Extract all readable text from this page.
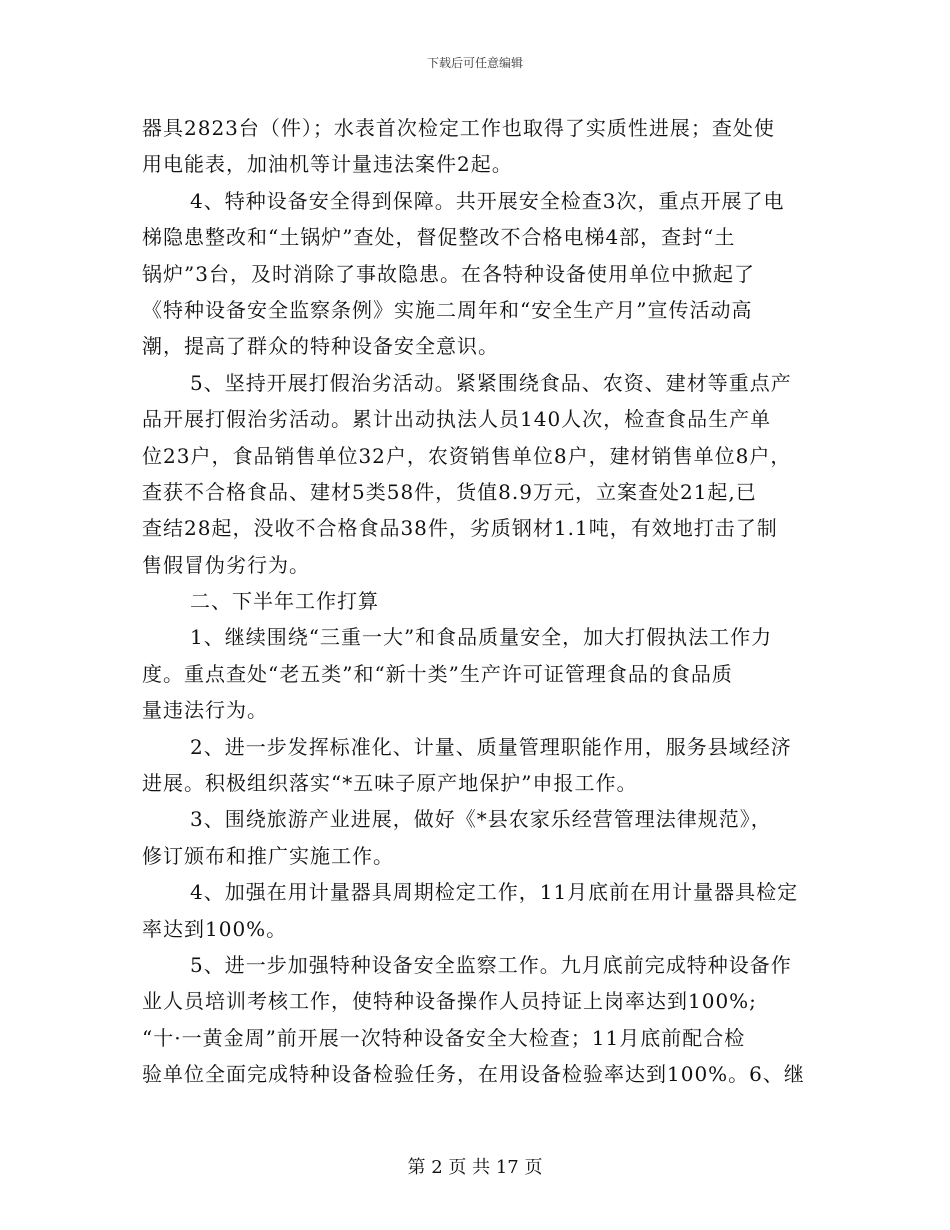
下载后可任意编辑
器具2823台（件）；水表首次检定工作也取得了实质性进展；查处使
用电能表，加油机等计量违法案件2起。
4、特种设备安全得到保障。共开展安全检查3次，重点开展了电
梯隐患整改和“土锅炉”查处，督促整改不合格电梯4部，查封“土
锅炉”3台，及时消除了事故隐患。在各特种设备使用单位中掀起了
《特种设备安全监察条例》实施二周年和“安全生产月”宣传活动高
潮，提高了群众的特种设备安全意识。
5、坚持开展打假治劣活动。紧紧围绕食品、农资、建材等重点产
品开展打假治劣活动。累计出动执法人员140人次，检查食品生产单
位23户，食品销售单位32户，农资销售单位8户，建材销售单位8户，
查获不合格食品、建材5类58件，货值8.9万元，立案查处21起,已
查结28起，没收不合格食品38件，劣质钢材1.1吨，有效地打击了制
售假冒伪劣行为。
二、下半年工作打算
1、继续围绕“三重一大”和食品质量安全，加大打假执法工作力
度。重点查处“老五类”和“新十类”生产许可证管理食品的食品质
量违法行为。
2、进一步发挥标准化、计量、质量管理职能作用，服务县域经济
进展。积极组织落实“*五味子原产地保护”申报工作。
3、围绕旅游产业进展，做好《*县农家乐经营管理法律规范》，
修订颁布和推广实施工作。
4、加强在用计量器具周期检定工作，11月底前在用计量器具检定
率达到100%。
5、进一步加强特种设备安全监察工作。九月底前完成特种设备作
业人员培训考核工作，使特种设备操作人员持证上岗率达到100%;
“十·一黄金周”前开展一次特种设备安全大检查；11月底前配合检
验单位全面完成特种设备检验任务，在用设备检验率达到100%。6、继
第 2 页 共 17 页
